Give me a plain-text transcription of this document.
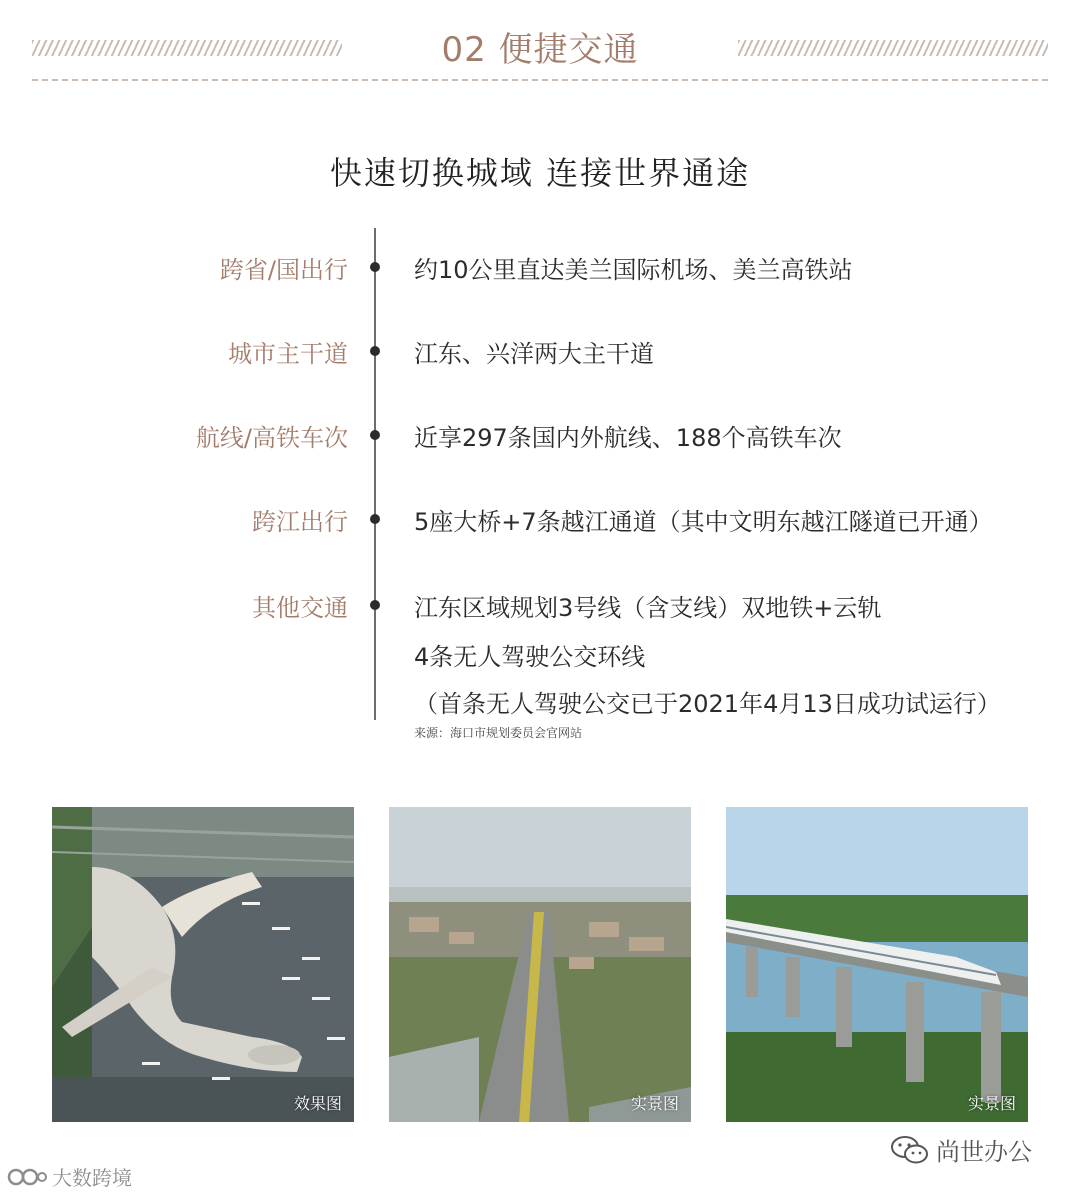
02 便捷交通
快速切换城域 连接世界通途
跨省/国出行	约10公里直达美兰国际机场、美兰高铁站
城市主干道	江东、兴洋两大主干道
航线/高铁车次	近享297条国内外航线、188个高铁车次
跨江出行	5座大桥+7条越江通道（其中文明东越江隧道已开通）
其他交通	江东区域规划3号线（含支线）双地铁+云轨
4条无人驾驶公交环线
（首条无人驾驶公交已于2021年4月13日成功试运行）
来源：海口市规划委员会官网站
效果图	实景图	实景图
大数跨境
尚世办公
